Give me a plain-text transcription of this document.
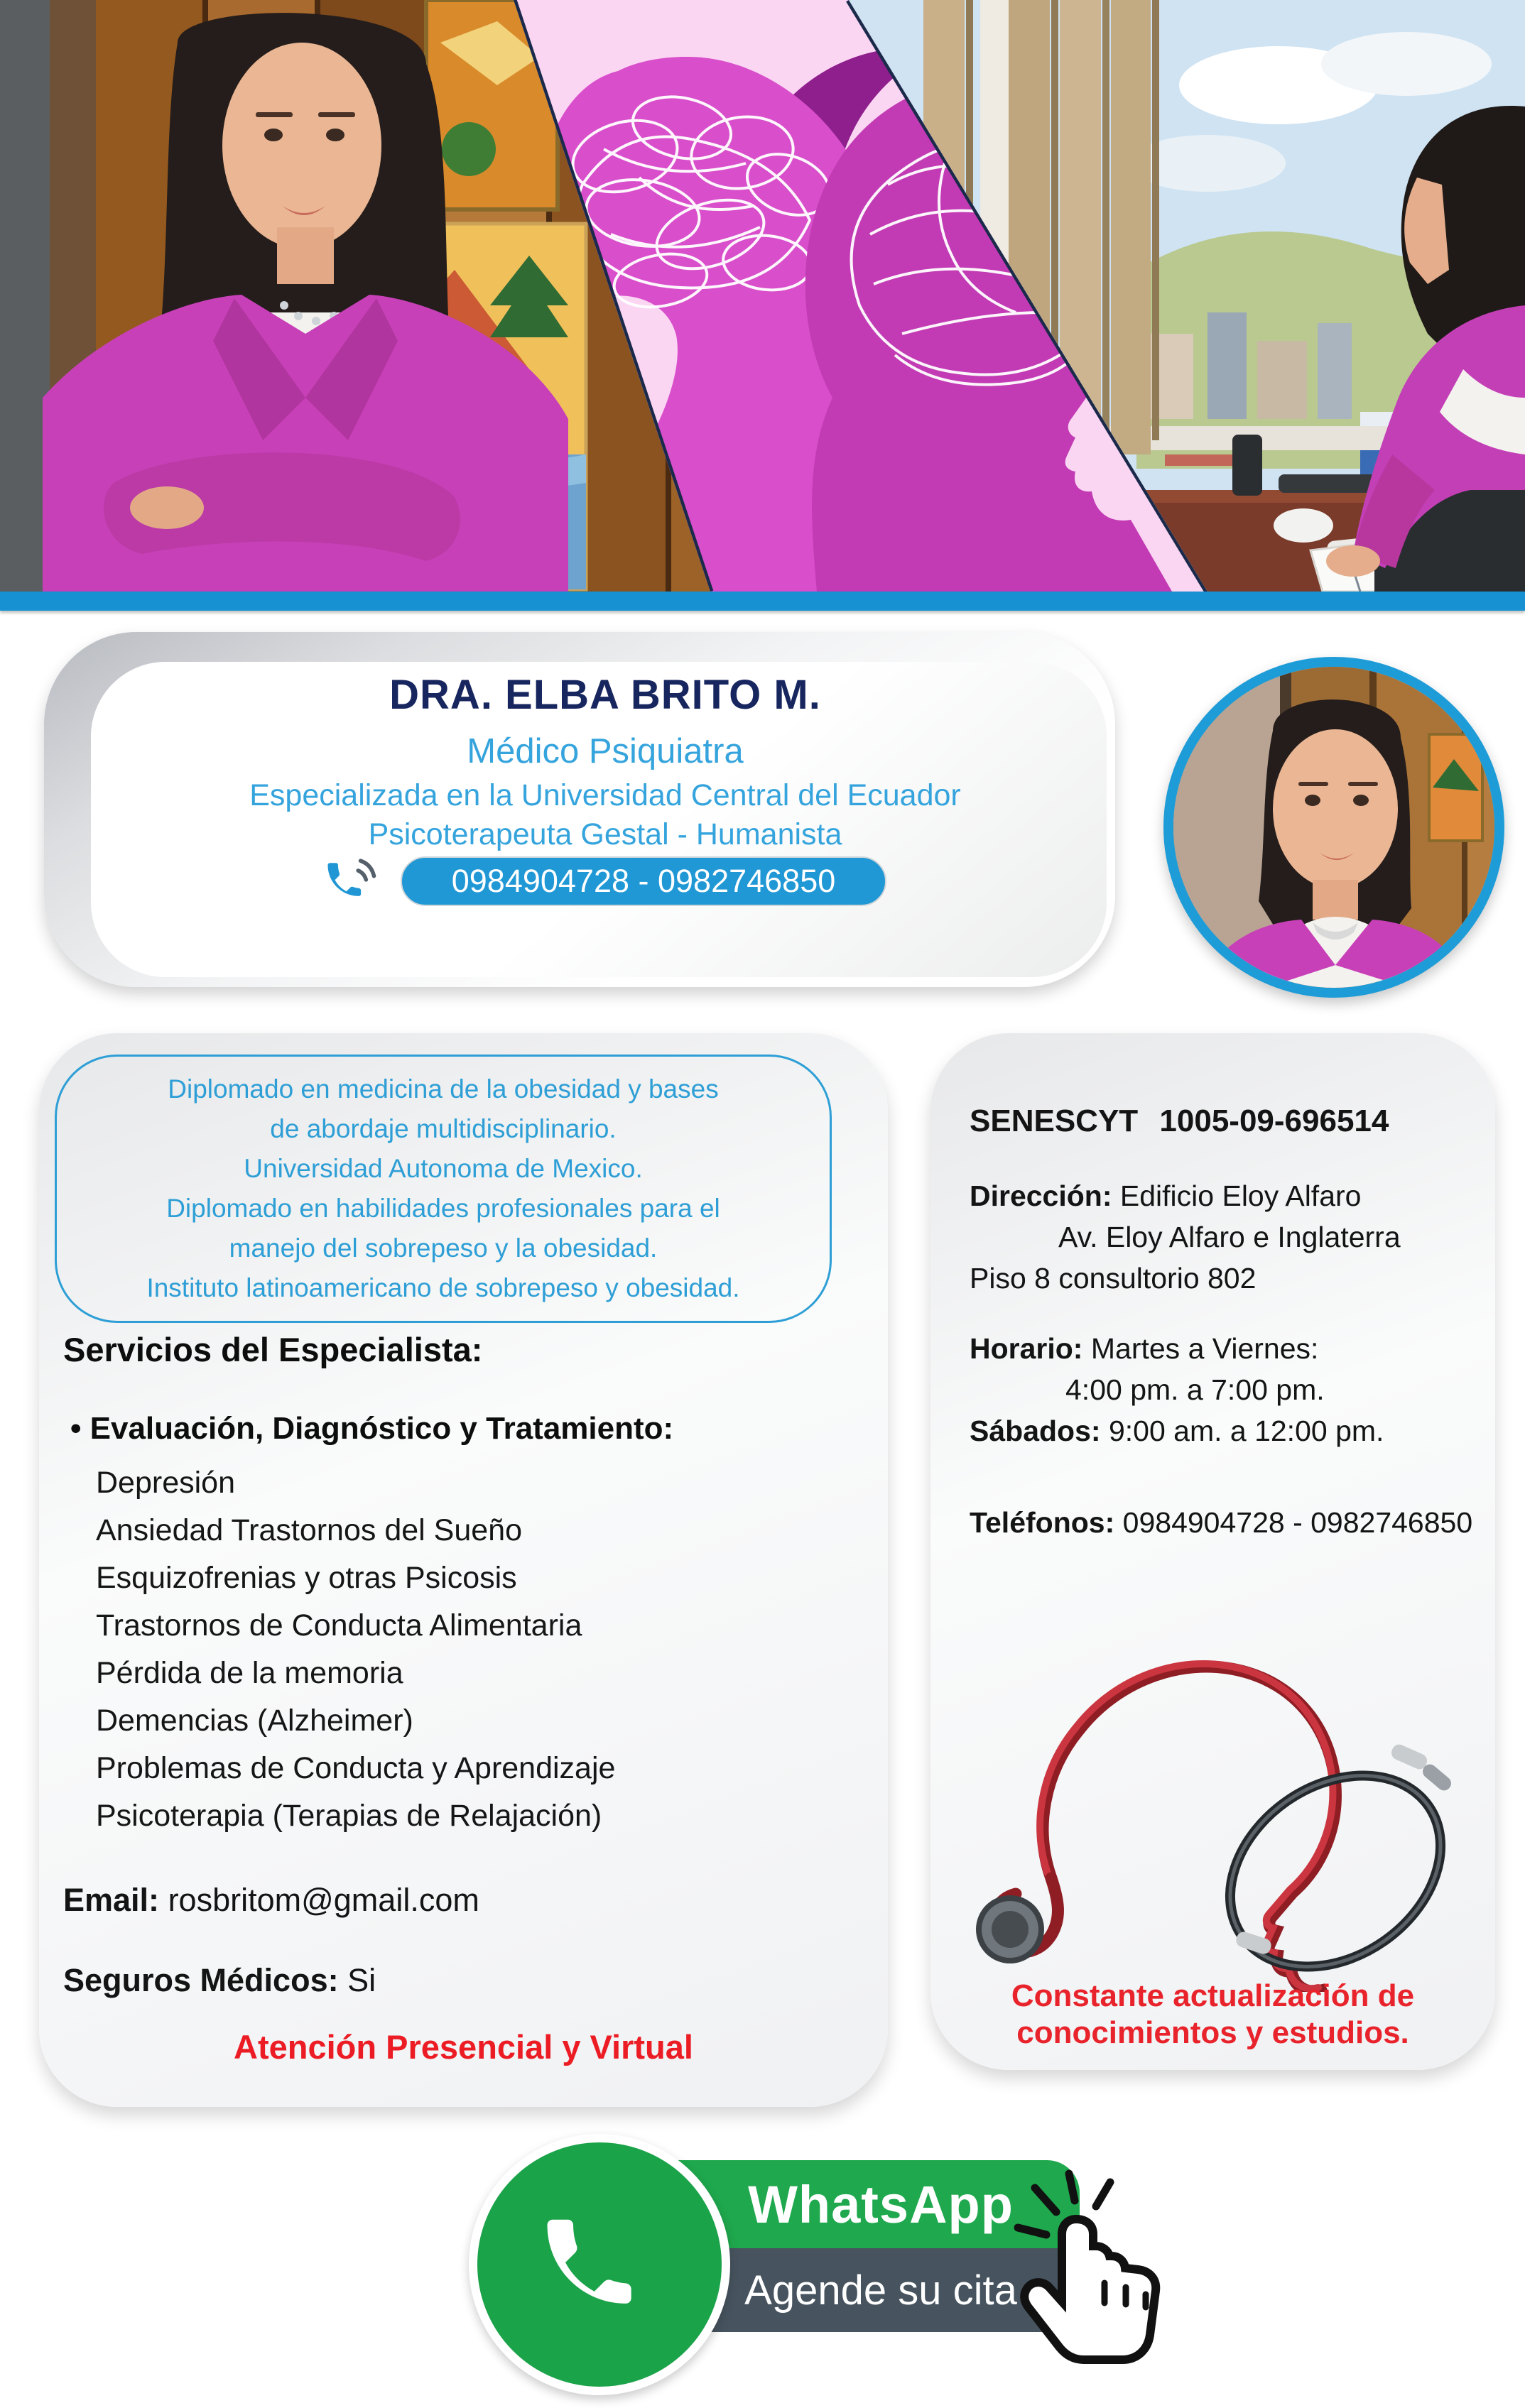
DRA. ELBA BRITO M.
Médico Psiquiatra
Especializada en la Universidad Central del Ecuador
Psicoterapeuta Gestal - Humanista
0984904728 - 0982746850
Diplomado en medicina de la obesidad y bases
de abordaje multidisciplinario.
Universidad Autonoma de Mexico.
Diplomado en habilidades profesionales para el
manejo del sobrepeso y la obesidad.
Instituto latinoamericano de sobrepeso y obesidad.
Servicios del Especialista:
• Evaluación, Diagnóstico y Tratamiento:
Depresión
Ansiedad Trastornos del Sueño
Esquizofrenias y otras Psicosis
Trastornos de Conducta Alimentaria
Pérdida de la memoria
Demencias (Alzheimer)
Problemas de Conducta y Aprendizaje
Psicoterapia (Terapias de Relajación)
Email: rosbritom@gmail.com
Seguros Médicos: Si
Atención Presencial y Virtual
SENESCYT 1005-09-696514
Dirección: Edificio Eloy Alfaro
Av. Eloy Alfaro e Inglaterra
Piso 8 consultorio 802
Horario: Martes a Viernes:
4:00 pm. a 7:00 pm.
Sábados: 9:00 am. a 12:00 pm.
Teléfonos: 0984904728 - 0982746850
Constante actualización de
conocimientos y estudios.
WhatsApp
Agende su cita
